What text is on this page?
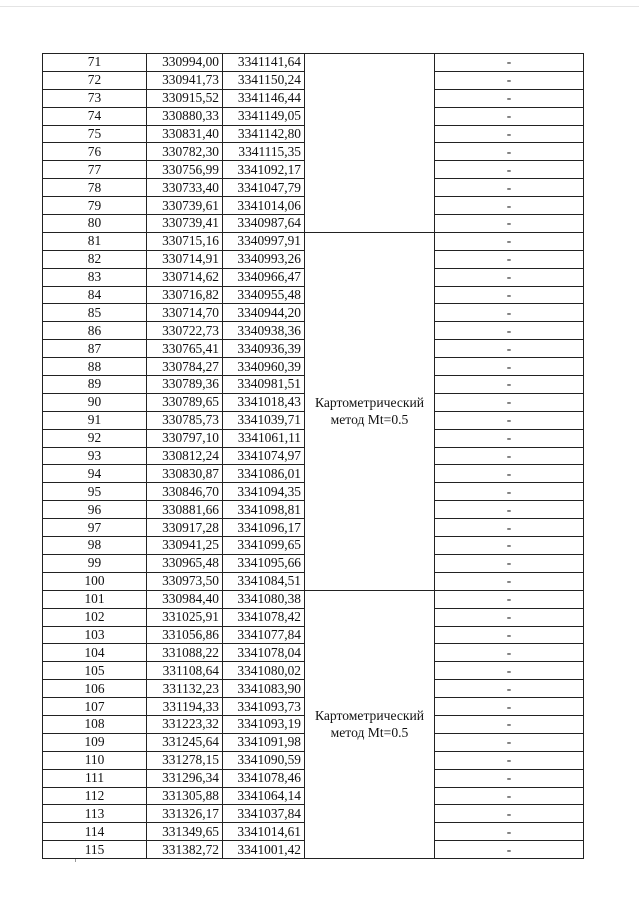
71	330994,00	3341141,64		-
72	330941,73	3341150,24		-
73	330915,52	3341146,44		-
74	330880,33	3341149,05		-
75	330831,40	3341142,80		-
76	330782,30	3341115,35		-
77	330756,99	3341092,17		-
78	330733,40	3341047,79		-
79	330739,61	3341014,06		-
80	330739,41	3340987,64		-
81	330715,16	3340997,91	Картометрический метод Mt=0.5	-
82	330714,91	3340993,26		-
83	330714,62	3340966,47		-
84	330716,82	3340955,48		-
85	330714,70	3340944,20		-
86	330722,73	3340938,36		-
87	330765,41	3340936,39		-
88	330784,27	3340960,39		-
89	330789,36	3340981,51		-
90	330789,65	3341018,43		-
91	330785,73	3341039,71		-
92	330797,10	3341061,11		-
93	330812,24	3341074,97		-
94	330830,87	3341086,01		-
95	330846,70	3341094,35		-
96	330881,66	3341098,81		-
97	330917,28	3341096,17		-
98	330941,25	3341099,65		-
99	330965,48	3341095,66		-
100	330973,50	3341084,51		-
101	330984,40	3341080,38	Картометрический метод Mt=0.5	-
102	331025,91	3341078,42		-
103	331056,86	3341077,84		-
104	331088,22	3341078,04		-
105	331108,64	3341080,02		-
106	331132,23	3341083,90		-
107	331194,33	3341093,73		-
108	331223,32	3341093,19		-
109	331245,64	3341091,98		-
110	331278,15	3341090,59		-
111	331296,34	3341078,46		-
112	331305,88	3341064,14		-
113	331326,17	3341037,84		-
114	331349,65	3341014,61		-
115	331382,72	3341001,42		-
